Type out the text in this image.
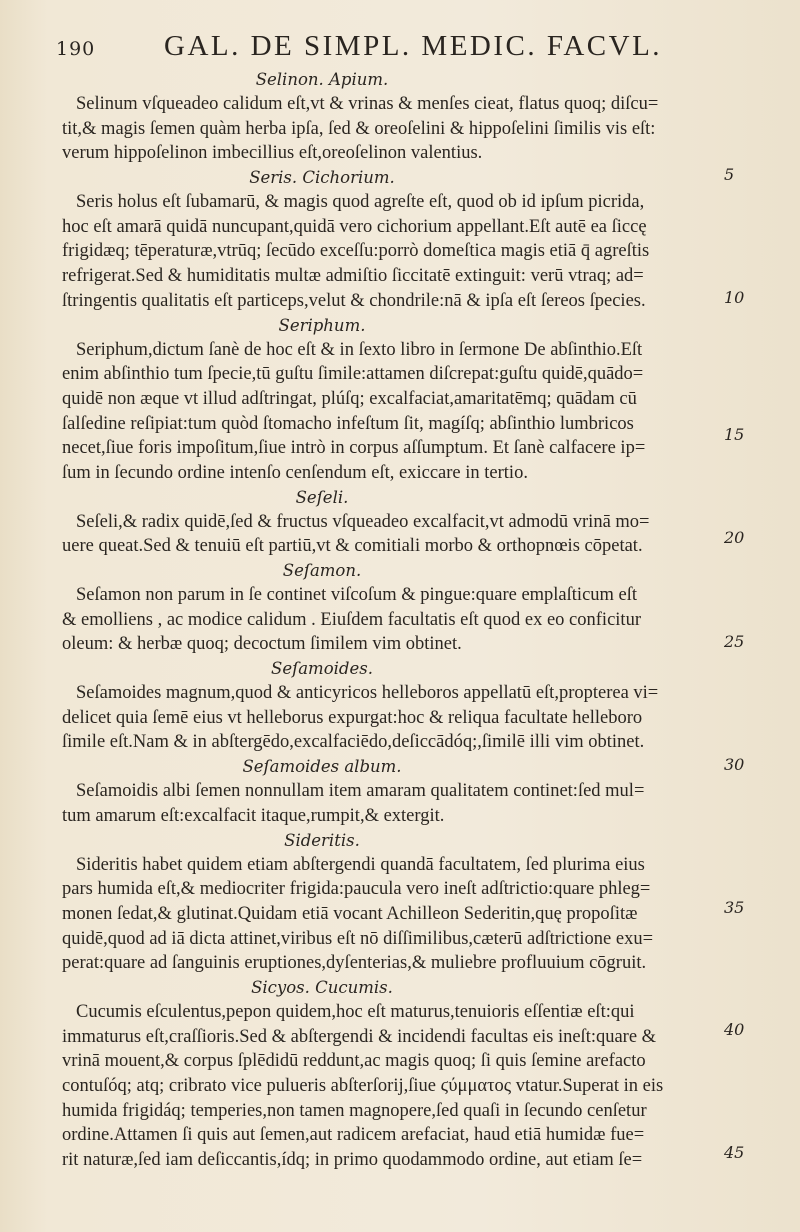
190 GAL. DE SIMPL. MEDIC. FACVL.
Selinon. Apium.
Selinum vſqueadeo calidum eſt,vt & vrinas & menſes cieat, flatus quoq; diſcu=
tit,& magis ſemen quàm herba ipſa, ſed & oreoſelini & hippoſelini ſimilis vis eſt:
verum hippoſelinon imbecillius eſt,oreoſelinon valentius.
Seris. Cichorium.
Seris holus eſt ſubamarū, & magis quod agreſte eſt, quod ob id ipſum picrida,
hoc eſt amarā quidā nuncupant,quidā vero cichorium appellant.Eſt autē ea ſiccę
frigidæq; tēperaturæ,vtrūq; ſecūdo exceſſu:porrò domeſtica magis etiā q̄ agreſtis
refrigerat.Sed & humiditatis multæ admiſtio ſiccitatē extinguit: verū vtraq; ad=
ſtringentis qualitatis eſt particeps,velut & chondrile:nā & ipſa eſt ſereos ſpecies.
Seriphum.
Seriphum,dictum ſanè de hoc eſt & in ſexto libro in ſermone De abſinthio.Eſt
enim abſinthio tum ſpecie,tū guſtu ſimile:attamen diſcrepat:guſtu quidē,quādo=
quidē non æque vt illud adſtringat, plúſq; excalfaciat,amaritatēmq; quādam cū
ſalſedine reſipiat:tum quòd ſtomacho infeſtum ſit, magíſq; abſinthio lumbricos
necet,ſiue foris impoſitum,ſiue intrò in corpus aſſumptum. Et ſanè calfacere ip=
ſum in ſecundo ordine intenſo cenſendum eſt, exiccare in tertio.
Seſeli.
Seſeli,& radix quidē,ſed & fructus vſqueadeo excalfacit,vt admodū vrinā mo=
uere queat.Sed & tenuiū eſt partiū,vt & comitiali morbo & orthopnœis cōpetat.
Seſamon.
Seſamon non parum in ſe continet viſcoſum & pingue:quare emplaſticum eſt
& emolliens , ac modice calidum . Eiuſdem facultatis eſt quod ex eo conficitur
oleum: & herbæ quoq; decoctum ſimilem vim obtinet.
Seſamoides.
Seſamoides magnum,quod & anticyricos helleboros appellatū eſt,propterea vi=
delicet quia ſemē eius vt helleborus expurgat:hoc & reliqua facultate helleboro
ſimile eſt.Nam & in abſtergēdo,excalfaciēdo,deſiccādóq;,ſimilē illi vim obtinet.
Seſamoides album.
Seſamoidis albi ſemen nonnullam item amaram qualitatem continet:ſed mul=
tum amarum eſt:excalfacit itaque,rumpit,& extergit.
Sideritis.
Sideritis habet quidem etiam abſtergendi quandā facultatem, ſed plurima eius
pars humida eſt,& mediocriter frigida:paucula vero ineſt adſtrictio:quare phleg=
monen ſedat,& glutinat.Quidam etiā vocant Achilleon Sederitin,quę propoſitæ
quidē,quod ad iā dicta attinet,viribus eſt nō diſſimilibus,cæterū adſtrictione exu=
perat:quare ad ſanguinis eruptiones,dyſenterias,& muliebre profluuium cōgruit.
Sicyos. Cucumis.
Cucumis eſculentus,pepon quidem,hoc eſt maturus,tenuioris eſſentiæ eſt:qui
immaturus eſt,craſſioris.Sed & abſtergendi & incidendi facultas eis ineſt:quare &
vrinā mouent,& corpus ſplēdidū reddunt,ac magis quoq; ſi quis ſemine arefacto
contuſóq; atq; cribrato vice pulueris abſterſorij,ſiue ϛύμματος vtatur.Superat in eis
humida frigidáq; temperies,non tamen magnopere,ſed quaſi in ſecundo cenſetur
ordine.Attamen ſi quis aut ſemen,aut radicem arefaciat, haud etiā humidæ fue=
rit naturæ,ſed iam deſiccantis,ídq; in primo quodammodo ordine, aut etiam ſe=
5
10
15
20
25
30
35
40
45
